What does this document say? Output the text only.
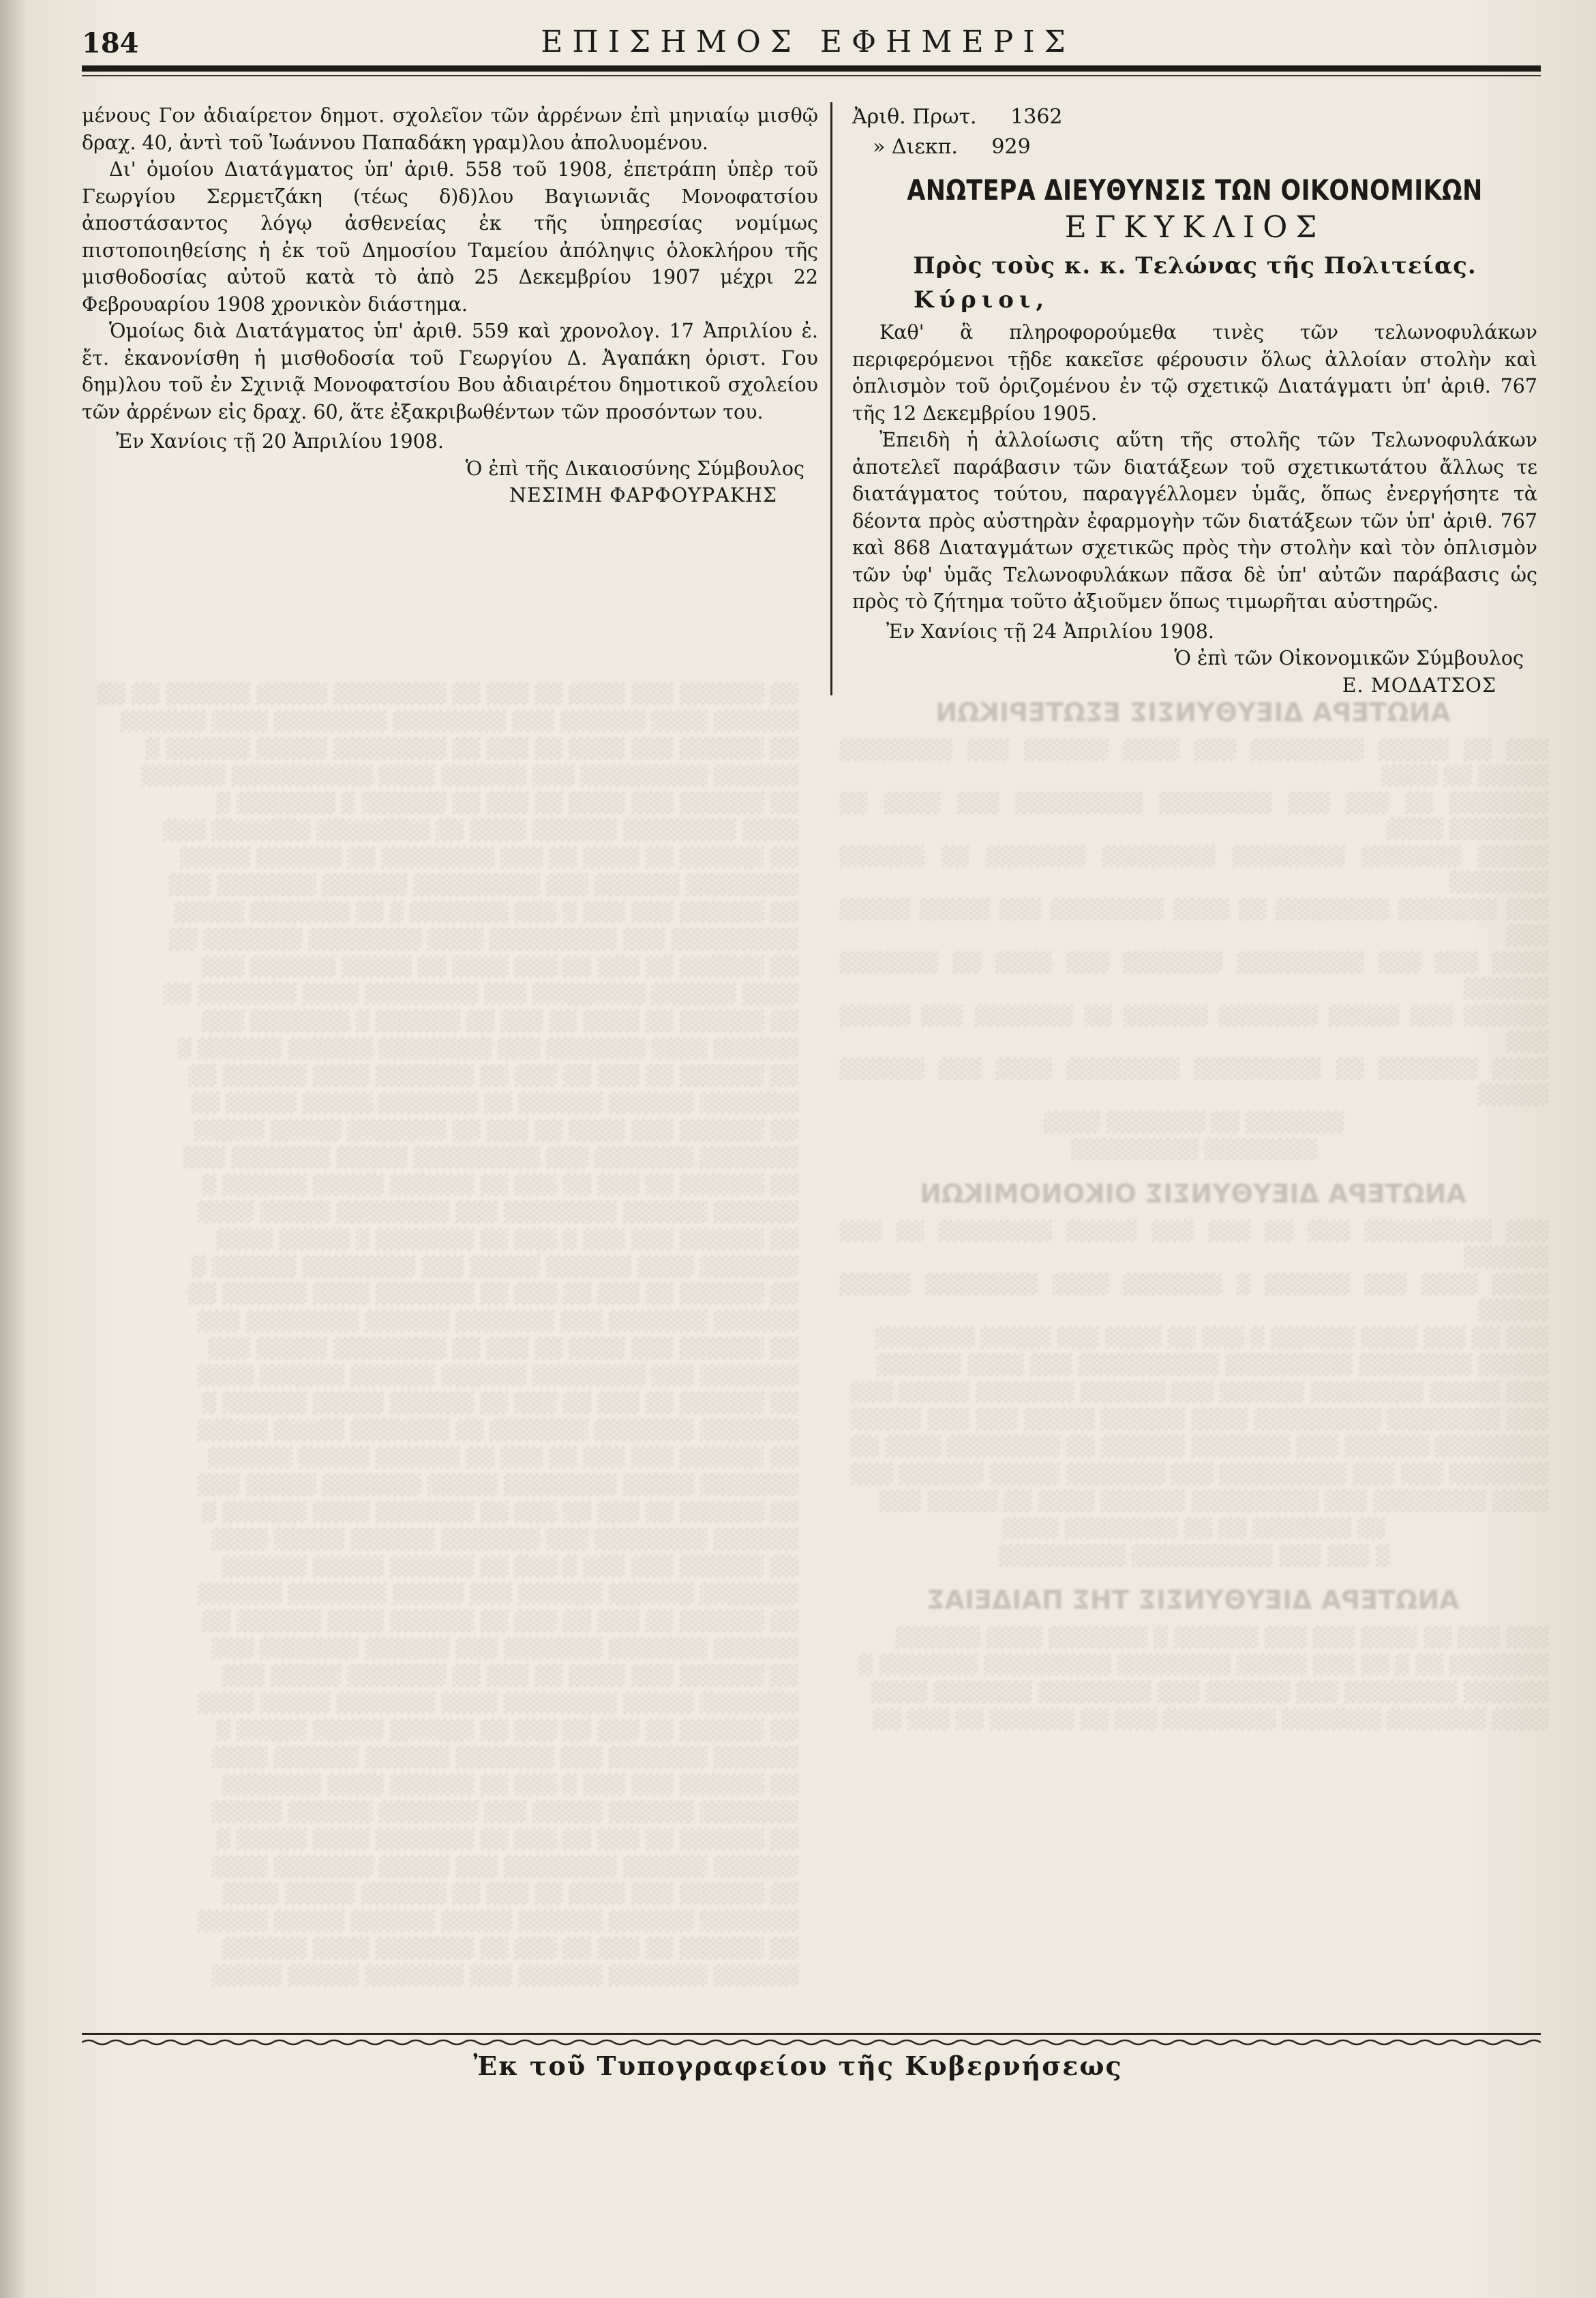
ΑΝΩΤΕΡΑ ΔΙΕΥΘΥΝΣΙΣ ΕΣΩΤΕΡΙΚΩΝ

░░░ ░░ ░░░░░ ░░░░░░░░ ░░░ ░░░░ ░░░░░░ ░░░ ░░░░░░░░ ░░░░░ ░░ ░░░░

░░░░░░░ ░░ ░░░ ░░░ ░░░░░░░░ ░░░░░░░░░ ░░░ ░░░░ ░░ ░░░░░░░ ░░░░

░░░░░ ░░░░░░░ ░░░░░░░░ ░░░░░░░░ ░░░░░░░ ░░ ░░░░░░ ░░░░░░░

░░░ ░░░░░░░ ░░░░░░░░ ░░ ░░░░ ░░░░░░░░ ░░░ ░░░░░ ░░░░░ ░░░

░░░░ ░░░ ░░░ ░░░░░░░░░ ░░░░░░░ ░░░ ░░░░ ░░ ░░░░░░░ ░░░░░░

░░░░░░ ░░░ ░░░░░ ░░░░░░░ ░░░░░░ ░░ ░░░░░░░ ░░░ ░░░░░ ░░░

░░░░ ░░░░░░░ ░░ ░░░░░░░░░ ░░░░░░░░ ░░░░ ░░░ ░░░░░░ ░░░░░

░░░░░░░ ░░ ░░░░░░░ ░░░░

░░░░░░░░ ░░░░░░░░░

ΑΝΩΤΕΡΑ ΔΙΕΥΘΥΝΣΙΣ ΟΙΚΟΝΟΜΙΚΩΝ

░░░ ░░░░░░░░░ ░░░ ░░ ░░░ ░░░ ░░░░░ ░░░░░░░░ ░░ ░░░ ░░░░░░

░░░░ ░░░░ ░░░ ░░░░░░ ░ ░░░░░░░ ░░░░ ░░░░░░░░ ░░░░░ ░░░░░

░░░ ░░ ░░░ ░░░░ ░░░░░░ ░ ░░░ ░░ ░░░░ ░░░ ░░░░░ ░░░░░░░

░░░░░ ░░░░░░░░ ░░░░░░░░░ ░░░░░░░░░░ ░░░ ░░░░ ░░░░░░

░░░ ░░░░░ ░░░░░░░░ ░░░░░░ ░░░ ░░░░░░ ░░░░░░░ ░░░░░ ░░░

░░░ ░░░░░░░░ ░░░░░░░░░ ░░░░ ░░░░░░ ░░░░░ ░░░ ░░░ ░░░░░

░░░░░░░░ ░░░░░░ ░░░ ░░░░░░░ ░░░░░░ ░░ ░░░░░░░░ ░░░░ ░░

░░░░░░░ ░░░ ░░░ ░░░░░░░░░ ░░░ ░░░░░░░ ░░░░░ ░░░░░░ ░░░

░░░░ ░░░░░░░░ ░░░ ░░░░░░░░░ ░░░░░░ ░░░░ ░░ ░░░░░ ░░░

░░ ░░░░░░░ ░░ ░░ ░░░░░░░░ ░░░░

░ ░░░ ░░░ ░░░░░░░░░░ ░░░░░░░░░

ΑΝΩΤΕΡΑ ΔΙΕΥΘΥΝΣΙΣ ΤΗΣ ΠΑΙΔΕΙΑΣ

░░░ ░░░ ░░ ░░░░ ░░░ ░░░ ░░░░░░ ░ ░░░░░░░ ░░░░ ░░░░░░

░░░░░░░ ░░ ░ ░░ ░░░ ░░░░░ ░░░░░░░░ ░░░░░░░░░ ░░░░░░░ ░

░░░░░░ ░░░░░░░░ ░░░ ░░░░░░ ░░░ ░░░░░░░░ ░░░░░░░ ░░░░

░░░░ ░░░░░░░ ░░░░░░░ ░░░░░░░░ ░░░ ░░ ░░░░░░ ░░ ░░░ ░░

░░ ░░░░░░ ░░░ ░░░░ ░░ ░░░ ░░ ░░░░░░░░ ░░░░░ ░░░░░░ ░░ ░░

░░░░░░ ░░░░ ░░░░░░ ░░░ ░░░░░░░░ ░░░░░░░░ ░░░░ ░░░░░░

░░ ░░░░░░ ░░░ ░░░░ ░░ ░░░ ░░ ░░░░░░░░ ░░░░░ ░░░░░░ ░

░░░░░░ ░░░░░░░░░ ░░░ ░░░░░░ ░░░░ ░░░░░░░░░░ ░░░░░░

░░ ░░░░░░ ░░░ ░░░░ ░░ ░░░ ░░ ░░░░░░ ░ ░░░░░░░ ░

░░░░ ░░░░░░░░ ░░░░░░ ░░░░ ░░ ░░░░░░░░ ░░░░░░░ ░░░

░░ ░░░░░░ ░░ ░░░░ ░░ ░░░ ░░░░░░░░ ░░ ░░░░░░ ░░░░░

░░░░░░░░ ░░░░░░ ░░░ ░░░░░░░░░ ░░░░░░ ░░░░░░░ ░░░

░░ ░░░░░░ ░░░ ░░░ ░ ░░░ ░░░░░░░ ░ ░░ ░░░░░░░ ░░░░░

░░░░░░░░░ ░░░ ░░░░░░░░░ ░░░░ ░░░░░░░░ ░░░░░░░ ░░

░░ ░░░░░░ ░░ ░░░ ░░ ░░░ ░░░░ ░░ ░░░░░ ░░░░░░ ░░░

░░░░ ░░░░░░ ░░░░░░░░ ░░░ ░░░░░░░░ ░░░░ ░░░░░░░ ░░

░░ ░░░░░░ ░░ ░░░░ ░░ ░░░ ░░ ░░░░░░ ░ ░░░░░░░ ░░░

░░░░░░ ░░░░ ░░░░░░░ ░░░ ░░░░░░░░ ░░░░░░ ░░░░░░ ░

░░ ░░░░░░ ░░ ░░░ ░░ ░░░ ░░ ░░░░░░░ ░░░░ ░░░░░░ ░░

░░░░░░░ ░░░░░░ ░░░░░░ ░░ ░░░░░░░ ░░░░░ ░░░░░ ░░

░░ ░░░░░░ ░░░ ░░░░ ░░ ░░░ ░░ ░░░░░░░ ░░░░░ ░░░░░

░░░░░░░ ░░░░░░░ ░░░ ░░░░░░░░░ ░░░░░ ░░░░░░░ ░░░

░░ ░░░░░░ ░░ ░░░ ░░ ░░░ ░░ ░░░░░░ ░░░░░ ░░░░░░ ░

░░░░░░ ░░░░░░ ░░░░░░░░ ░░░ ░░░░░░░░ ░░░░░ ░░░░

░░ ░░░░░░ ░░░ ░░░ ░ ░░░ ░░ ░░░░░░░ ░ ░░░░░ ░░░░

░░░░░░░ ░░░░ ░░░░░░ ░░░░░ ░░░ ░░░░░░░░ ░░░░░░ ░

░░ ░░░░░░ ░░ ░░░ ░░ ░░░ ░░ ░░░░░░░ ░░░░ ░░░░░░ ░░

░░░░░░ ░░░░░░░ ░░░ ░░░░░░░ ░░░░░░ ░░░░░░░░ ░░░

░░ ░░░░░░ ░░░ ░░░░ ░░ ░░░ ░░ ░░░░░░░░ ░░░░░ ░░░

░░░░░░░ ░░░ ░░░░░░░░ ░░░░░░ ░░░░░░ ░░░░░░ ░░░░

░░ ░░░░░░ ░░ ░░░ ░░ ░░░ ░░ ░░░░░░ ░░░░░ ░░░░░░ ░

░░░░░░░ ░░░░░░░ ░░░░░░░ ░░ ░░░░░░░ ░░░░░ ░░░░░

░░ ░░░░░░ ░░░ ░░░ ░░ ░░░ ░░ ░░░░░░ ░░░░░ ░░░░░░

░░░░░░░ ░░░░░ ░░░░░░░░ ░░░░░ ░░░░░░░ ░░░░░ ░░░

░░ ░░░░░░ ░░ ░░░ ░░ ░░░ ░░ ░░░░░░░ ░░░░ ░░░░░░ ░

░░░░░░ ░░░░░░░░ ░░░ ░░░░░░░ ░░░░░░ ░░░░░ ░░░░

░░ ░░░░░░ ░░░ ░░░ ░ ░░░ ░░ ░░░░░░ ░░░░░ ░░░░░░

░░░░░░░ ░░░░░░ ░░░░░░ ░░░ ░░░░░ ░░░░░░░ ░░░░░░

░░ ░░░░░░ ░░ ░░░ ░░ ░░░ ░░ ░░░░░░ ░░░░ ░░░░░░ ░░

░░░░░░ ░░░░░░░ ░░░░░░░ ░░░ ░░░░░░ ░░░░░░░ ░░░

░░ ░░░░░░ ░░░ ░░░░ ░░ ░░░ ░░ ░░░░░░░ ░░░░░ ░░░

░░░░░░░ ░░░░░ ░░░░░░░░ ░░░░ ░░░░░░░ ░░░░░ ░░░░

░░ ░░░░░░ ░░ ░░░ ░░ ░░░ ░░ ░░░░░░ ░░░░░ ░░░░░ ░

░░░░░░ ░░░░░░░ ░░░ ░░░░░░░ ░░░░░░ ░░░░░░ ░░░░

░░ ░░░░░░ ░░░ ░░░ ░ ░░░ ░░ ░░░░░░ ░░░░ ░░░░░░░

░░░░░░░ ░░░░░░ ░░░░░ ░░░ ░░░░░░░ ░░░░░░ ░░░░░

░░ ░░░░░░ ░░ ░░░ ░░ ░░░ ░░ ░░░░░░░ ░░░░ ░░░░░ ░

░░░░░░ ░░░░░░ ░░░░░░░░ ░░░ ░░░░░ ░░░░░░░ ░░░░

░░ ░░░░░░ ░░░ ░░░░ ░░ ░░░ ░░ ░░░░░░ ░░░░░ ░░░░

░░░░░░░ ░░░░░░ ░░░░░░ ░░░░░ ░░░░░░ ░░░░░ ░░░░░

░░ ░░░░░░ ░░ ░░░ ░░ ░░░ ░░ ░░░░░░░ ░░░░ ░░░░░░

░░░░░░ ░░░░░░░ ░░░░░░ ░░░ ░░░░░░░ ░░░░░ ░░░░░

184	ΕΠΙΣΗΜΟΣ ΕΦΗΜΕΡΙΣ

μένους Γον ἀδιαίρετον δημοτ. σχολεῖον τῶν ἀρρένων ἐπὶ μηνιαίῳ μισθῷ δραχ. 40, ἀντὶ τοῦ Ἰωάννου Παπαδάκη γραμ)λου ἀπολυομένου.

Δι' ὁμοίου Διατάγματος ὑπ' ἀριθ. 558 τοῦ 1908, ἐπετράπη ὑπὲρ τοῦ Γεωργίου Σερμετζάκη (τέως δ)δ)λου Βαγιωνιᾶς Μονοφατσίου ἀποστάσαντος λόγῳ ἀσθενείας ἐκ τῆς ὑπηρεσίας νομίμως πιστοποιηθείσης ἡ ἐκ τοῦ Δημοσίου Ταμείου ἀπόληψις ὁλοκλήρου τῆς μισθοδοσίας αὐτοῦ κατὰ τὸ ἀπὸ 25 Δεκεμβρίου 1907 μέχρι 22 Φεβρουαρίου 1908 χρονικὸν διάστημα.

Ὁμοίως διὰ Διατάγματος ὑπ' ἀριθ. 559 καὶ χρονολογ. 17 Ἀπριλίου ἐ. ἔτ. ἐκανονίσθη ἡ μισθοδοσία τοῦ Γεωργίου Δ. Ἀγαπάκη ὁριστ. Γου δημ)λου τοῦ ἐν Σχινιᾷ Μονοφατσίου Βου ἀδιαιρέτου δημοτικοῦ σχολείου τῶν ἀρρένων εἰς δραχ. 60, ἅτε ἐξακριβωθέντων τῶν προσόντων του.

Ἐν Χανίοις τῇ 20 Ἀπριλίου 1908.

Ὁ ἐπὶ τῆς Δικαιοσύνης Σύμβουλος

ΝΕΣΙΜΗ ΦΑΡΦΟΥΡΑΚΗΣ

Ἀριθ. Πρωτ. 1362

» Διεκπ. 929

ΑΝΩΤΕΡΑ ΔΙΕΥΘΥΝΣΙΣ ΤΩΝ ΟΙΚΟΝΟΜΙΚΩΝ

ΕΓΚΥΚΛΙΟΣ

Πρὸς τοὺς κ. κ. Τελώνας τῆς Πολιτείας.

Κύριοι,

Καθ' ἃ πληροφορούμεθα τινὲς τῶν τελωνοφυλάκων περιφερόμενοι τῇδε κακεῖσε φέρουσιν ὅλως ἀλλοίαν στολὴν καὶ ὁπλισμὸν τοῦ ὁριζομένου ἐν τῷ σχετικῷ Διατάγματι ὑπ' ἀριθ. 767 τῆς 12 Δεκεμβρίου 1905.

Ἐπειδὴ ἡ ἀλλοίωσις αὕτη τῆς στολῆς τῶν Τελωνοφυλάκων ἀποτελεῖ παράβασιν τῶν διατάξεων τοῦ σχετικωτάτου ἄλλως τε διατάγματος τούτου, παραγγέλλομεν ὑμᾶς, ὅπως ἐνεργήσητε τὰ δέοντα πρὸς αὐστηρὰν ἐφαρμογὴν τῶν διατάξεων τῶν ὑπ' ἀριθ. 767 καὶ 868 Διαταγμάτων σχετικῶς πρὸς τὴν στολὴν καὶ τὸν ὁπλισμὸν τῶν ὑφ' ὑμᾶς Τελωνοφυλάκων πᾶσα δὲ ὑπ' αὐτῶν παράβασις ὡς πρὸς τὸ ζήτημα τοῦτο ἀξιοῦμεν ὅπως τιμωρῆται αὐστηρῶς.

Ἐν Χανίοις τῇ 24 Ἀπριλίου 1908.

Ὁ ἐπὶ τῶν Οἰκονομικῶν Σύμβουλος

Ε. ΜΟΔΑΤΣΟΣ

Ἐκ τοῦ Τυπογραφείου τῆς Κυβερνήσεως
